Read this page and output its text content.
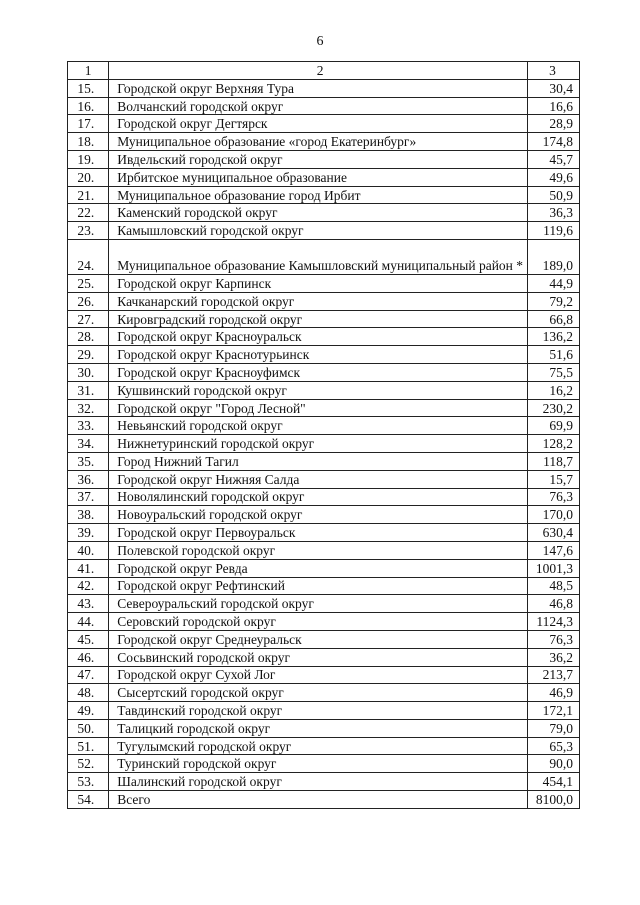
6
1	2	3
15.	Городской округ Верхняя Тура	30,4
16.	Волчанский городской округ	16,6
17.	Городской округ Дегтярск	28,9
18.	Муниципальное образование «город Екатеринбург»	174,8
19.	Ивдельский городской округ	45,7
20.	Ирбитское муниципальное образование	49,6
21.	Муниципальное образование город Ирбит	50,9
22.	Каменский городской округ	36,3
23.	Камышловский городской округ	119,6
24.	Муниципальное образование Камышловский муниципальный район *	189,0
25.	Городской округ Карпинск	44,9
26.	Качканарский городской округ	79,2
27.	Кировградский городской округ	66,8
28.	Городской округ Красноуральск	136,2
29.	Городской округ Краснотурьинск	51,6
30.	Городской округ Красноуфимск	75,5
31.	Кушвинский городской округ	16,2
32.	Городской округ "Город Лесной"	230,2
33.	Невьянский городской округ	69,9
34.	Нижнетуринский городской округ	128,2
35.	Город Нижний Тагил	118,7
36.	Городской округ Нижняя Салда	15,7
37.	Новолялинский городской округ	76,3
38.	Новоуральский городской округ	170,0
39.	Городской округ Первоуральск	630,4
40.	Полевской городской округ	147,6
41.	Городской округ Ревда	1001,3
42.	Городской округ Рефтинский	48,5
43.	Североуральский городской округ	46,8
44.	Серовский городской округ	1124,3
45.	Городской округ Среднеуральск	76,3
46.	Сосьвинский городской округ	36,2
47.	Городской округ Сухой Лог	213,7
48.	Сысертский городской округ	46,9
49.	Тавдинский городской округ	172,1
50.	Талицкий городской округ	79,0
51.	Тугулымский городской округ	65,3
52.	Туринский городской округ	90,0
53.	Шалинский городской округ	454,1
54.	Всего	8100,0
